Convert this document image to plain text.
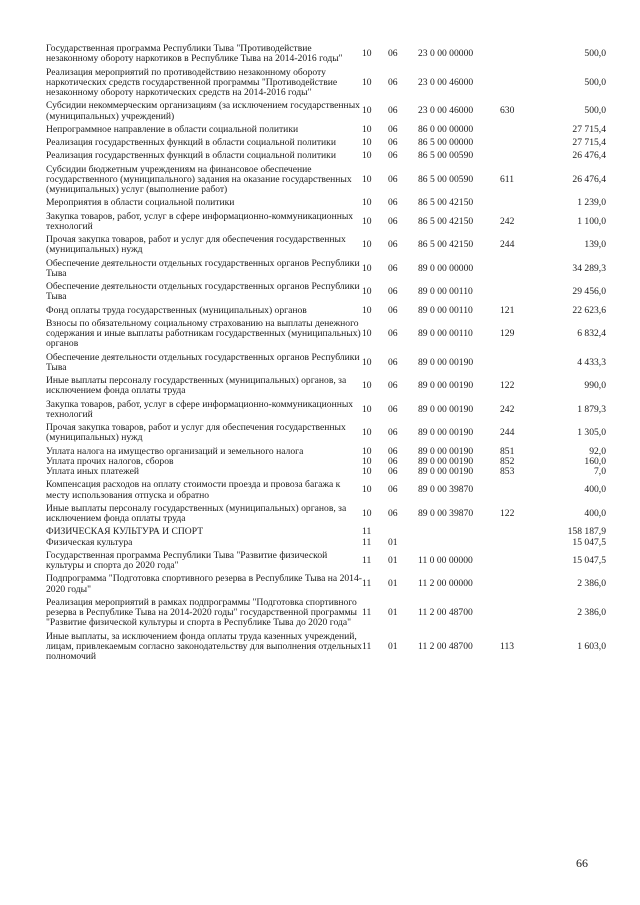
Государственная программа Республики Тыва "Противодействие незаконному обороту наркотиков в Республике Тыва на 2014-2016 годы"	10	06	23 0 00 00000		500,0
Реализация мероприятий по противодействию незаконному обороту наркотических средств государственной программы "Противодействие незаконному обороту наркотических средств на 2014-2016 годы"	10	06	23 0 00 46000		500,0
Субсидии некоммерческим организациям (за исключением государственных (муниципальных) учреждений)	10	06	23 0 00 46000	630	500,0
Непрограммное направление в области социальной политики	10	06	86 0 00 00000		27 715,4
Реализация государственных функций в области социальной политики	10	06	86 5 00 00000		27 715,4
Реализация государственных функций в области социальной политики	10	06	86 5 00 00590		26 476,4
Субсидии бюджетным учреждениям на финансовое обеспечение государственного (муниципального) задания на оказание государственных (муниципальных) услуг (выполнение работ)	10	06	86 5 00 00590	611	26 476,4
Мероприятия в области социальной политики	10	06	86 5 00 42150		1 239,0
Закупка товаров, работ, услуг в сфере информационно-коммуникационных технологий	10	06	86 5 00 42150	242	1 100,0
Прочая закупка товаров, работ и услуг для обеспечения государственных (муниципальных) нужд	10	06	86 5 00 42150	244	139,0
Обеспечение деятельности отдельных государственных органов Республики Тыва	10	06	89 0 00 00000		34 289,3
Обеспечение деятельности отдельных государственных органов Республики Тыва	10	06	89 0 00 00110		29 456,0
Фонд оплаты труда государственных (муниципальных) органов	10	06	89 0 00 00110	121	22 623,6
Взносы по обязательному социальному страхованию на выплаты денежного содержания и иные выплаты работникам государственных (муниципальных) органов	10	06	89 0 00 00110	129	6 832,4
Обеспечение деятельности отдельных государственных органов Республики Тыва	10	06	89 0 00 00190		4 433,3
Иные выплаты персоналу государственных (муниципальных) органов, за исключением фонда оплаты труда	10	06	89 0 00 00190	122	990,0
Закупка товаров, работ, услуг в сфере информационно-коммуникационных технологий	10	06	89 0 00 00190	242	1 879,3
Прочая закупка товаров, работ и услуг для обеспечения государственных (муниципальных) нужд	10	06	89 0 00 00190	244	1 305,0
Уплата налога на имущество организаций и земельного налога	10	06	89 0 00 00190	851	92,0
Уплата прочих налогов, сборов	10	06	89 0 00 00190	852	160,0
Уплата иных платежей	10	06	89 0 00 00190	853	7,0
Компенсация расходов на оплату стоимости проезда и провоза багажа к месту использования отпуска и обратно	10	06	89 0 00 39870		400,0
Иные выплаты персоналу государственных (муниципальных) органов, за исключением фонда оплаты труда	10	06	89 0 00 39870	122	400,0
ФИЗИЧЕСКАЯ КУЛЬТУРА И СПОРТ	11				158 187,9
Физическая культура	11	01			15 047,5
Государственная программа Республики Тыва "Развитие физической культуры и спорта до 2020 года"	11	01	11 0 00 00000		15 047,5
Подпрограмма "Подготовка спортивного резерва в Республике Тыва на 2014-2020 годы"	11	01	11 2 00 00000		2 386,0
Реализация мероприятий в рамках подпрограммы "Подготовка спортивного резерва в Республике Тыва на 2014-2020 годы" государственной программы "Развитие физической культуры и спорта в Республике Тыва до 2020 года"	11	01	11 2 00 48700		2 386,0
Иные выплаты, за исключением фонда оплаты труда казенных учреждений, лицам, привлекаемым согласно законодательству для выполнения отдельных полномочий	11	01	11 2 00 48700	113	1 603,0
66
